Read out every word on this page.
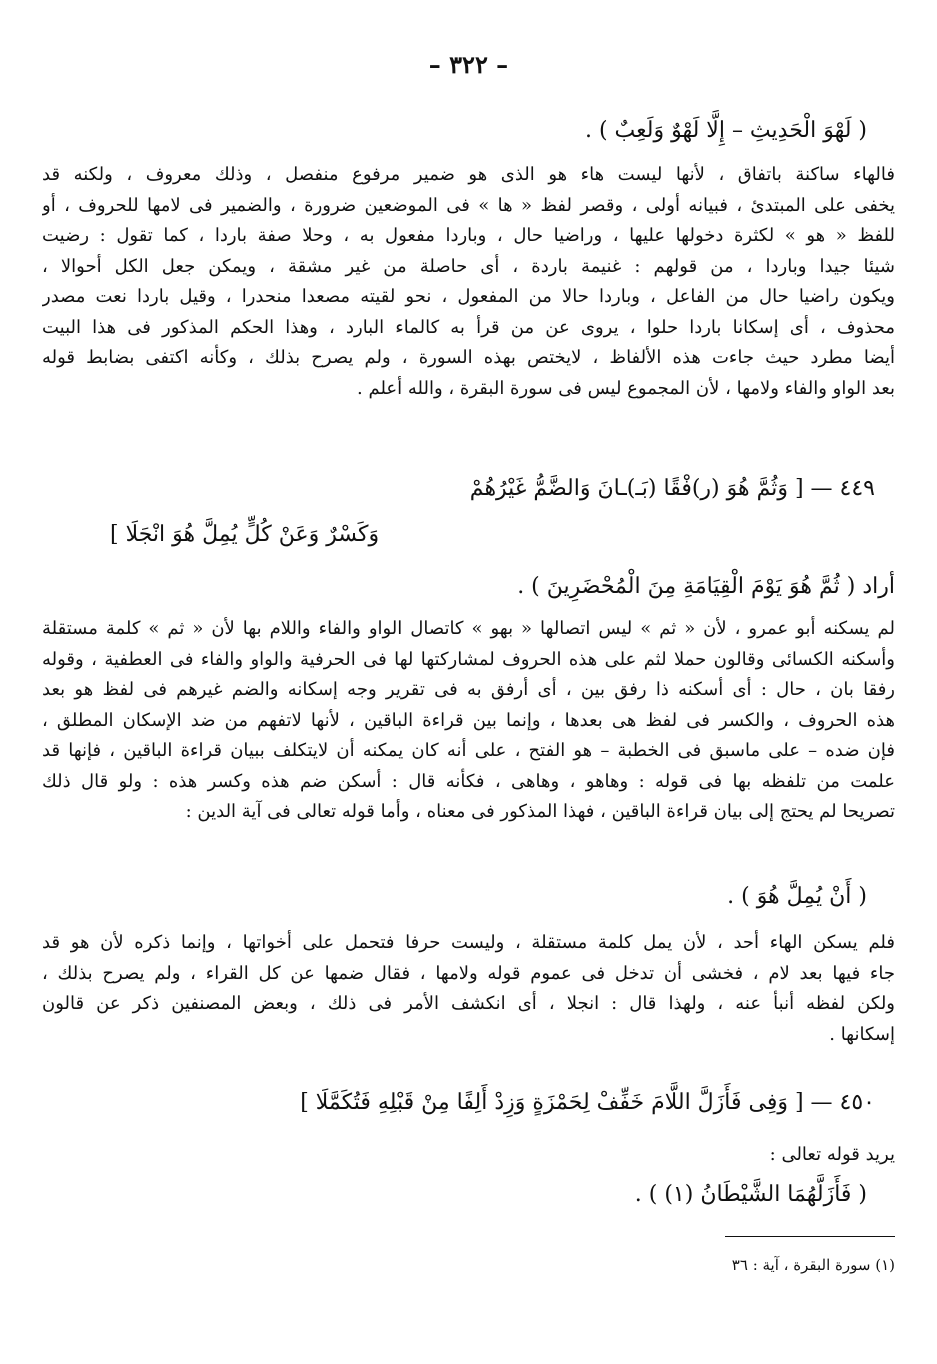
– ٣٢٢ –
( لَهْوَ الْحَدِيثِ – إِلَّا لَهْوٌ وَلَعِبٌ ) .
فالهاء ساكنة باتفاق ، لأنها ليست هاء هو الذى هو ضمير مرفوع منفصل ، وذلك معروف ، ولكنه قد
يخفى على المبتدئ ، فبيانه أولى ، وقصر لفظ « ها » فى الموضعين ضرورة ، والضمير فى لامها للحروف ، أو
للفظ « هو » لكثرة دخولها عليها ، وراضيا حال ، وباردا مفعول به ، وحلا صفة باردا ، كما تقول : رضيت
شيئا جيدا وباردا ، من قولهم : غنيمة باردة ، أى حاصلة من غير مشقة ، ويمكن جعل الكل أحوالا ،
ويكون راضيا حال من الفاعل ، وباردا حالا من المفعول ، نحو لقيته مصعدا منحدرا ، وقيل باردا نعت مصدر
محذوف ، أى إسكانا باردا حلوا ، يروى عن من قرأ به كالماء البارد ، وهذا الحكم المذكور فى هذا البيت
أيضا مطرد حيث جاءت هذه الألفاظ ، لايختص بهذه السورة ، ولم يصرح بذلك ، وكأنه اكتفى بضابط قوله
بعد الواو والفاء ولامها ، لأن المجموع ليس فى سورة البقرة ، والله أعلم .
٤٤٩ — [ وَثُمَّ هُوَ (ر)فْقًا (بَـ)ـانَ وَالضَّمُّ غَيْرُهُمْ
وَكَسْرٌ وَعَنْ كُلٍّ يُمِلَّ هُوَ انْجَلَا ]
أراد ( ثُمَّ هُوَ يَوْمَ الْقِيَامَةِ مِنَ الْمُحْضَرِينَ ) .
لم يسكنه أبو عمرو ، لأن « ثم » ليس اتصالها « بهو » كاتصال الواو والفاء واللام بها لأن « ثم » كلمة مستقلة
وأسكنه الكسائى وقالون حملا لثم على هذه الحروف لمشاركتها لها فى الحرفية والواو والفاء فى العطفية ، وقوله
رفقا بان ، حال : أى أسكنه ذا رفق بين ، أى أرفق به فى تقرير وجه إسكانه والضم غيرهم فى لفظ هو بعد
هذه الحروف ، والكسر فى لفظ هى بعدها ، وإنما بين قراءة الباقين ، لأنها لاتفهم من ضد الإسكان المطلق ،
فإن ضده – على ماسبق فى الخطبة – هو الفتح ، على أنه كان يمكنه أن لايتكلف ببيان قراءة الباقين ، فإنها قد
علمت من تلفظه بها فى قوله : وهاهو ، وهاهى ، فكأنه قال : أسكن ضم هذه وكسر هذه : ولو قال ذلك
تصريحا لم يحتج إلى بيان قراءة الباقين ، فهذا المذكور فى معناه ، وأما قوله تعالى فى آية الدين :
( أَنْ يُمِلَّ هُوَ ) .
فلم يسكن الهاء أحد ، لأن يمل كلمة مستقلة ، وليست حرفا فتحمل على أخواتها ، وإنما ذكره لأن هو قد
جاء فيها بعد لام ، فخشى أن تدخل فى عموم قوله ولامها ، فقال ضمها عن كل القراء ، ولم يصرح بذلك ،
ولكن لفظه أنبأ عنه ، ولهذا قال : انجلا ، أى انكشف الأمر فى ذلك ، وبعض المصنفين ذكر عن قالون
إسكانها .
٤٥٠ — [ وَفِى فَأَزَلَّ اللَّامَ خَفِّفْ لِحَمْزَةٍ وَزِدْ أَلِفًا مِنْ قَبْلِهِ فَتُكَمَّلَا ]
يريد قوله تعالى :
( فَأَزَلَّهُمَا الشَّيْطَانُ (١) ) .
(١) سورة البقرة ، آية : ٣٦
